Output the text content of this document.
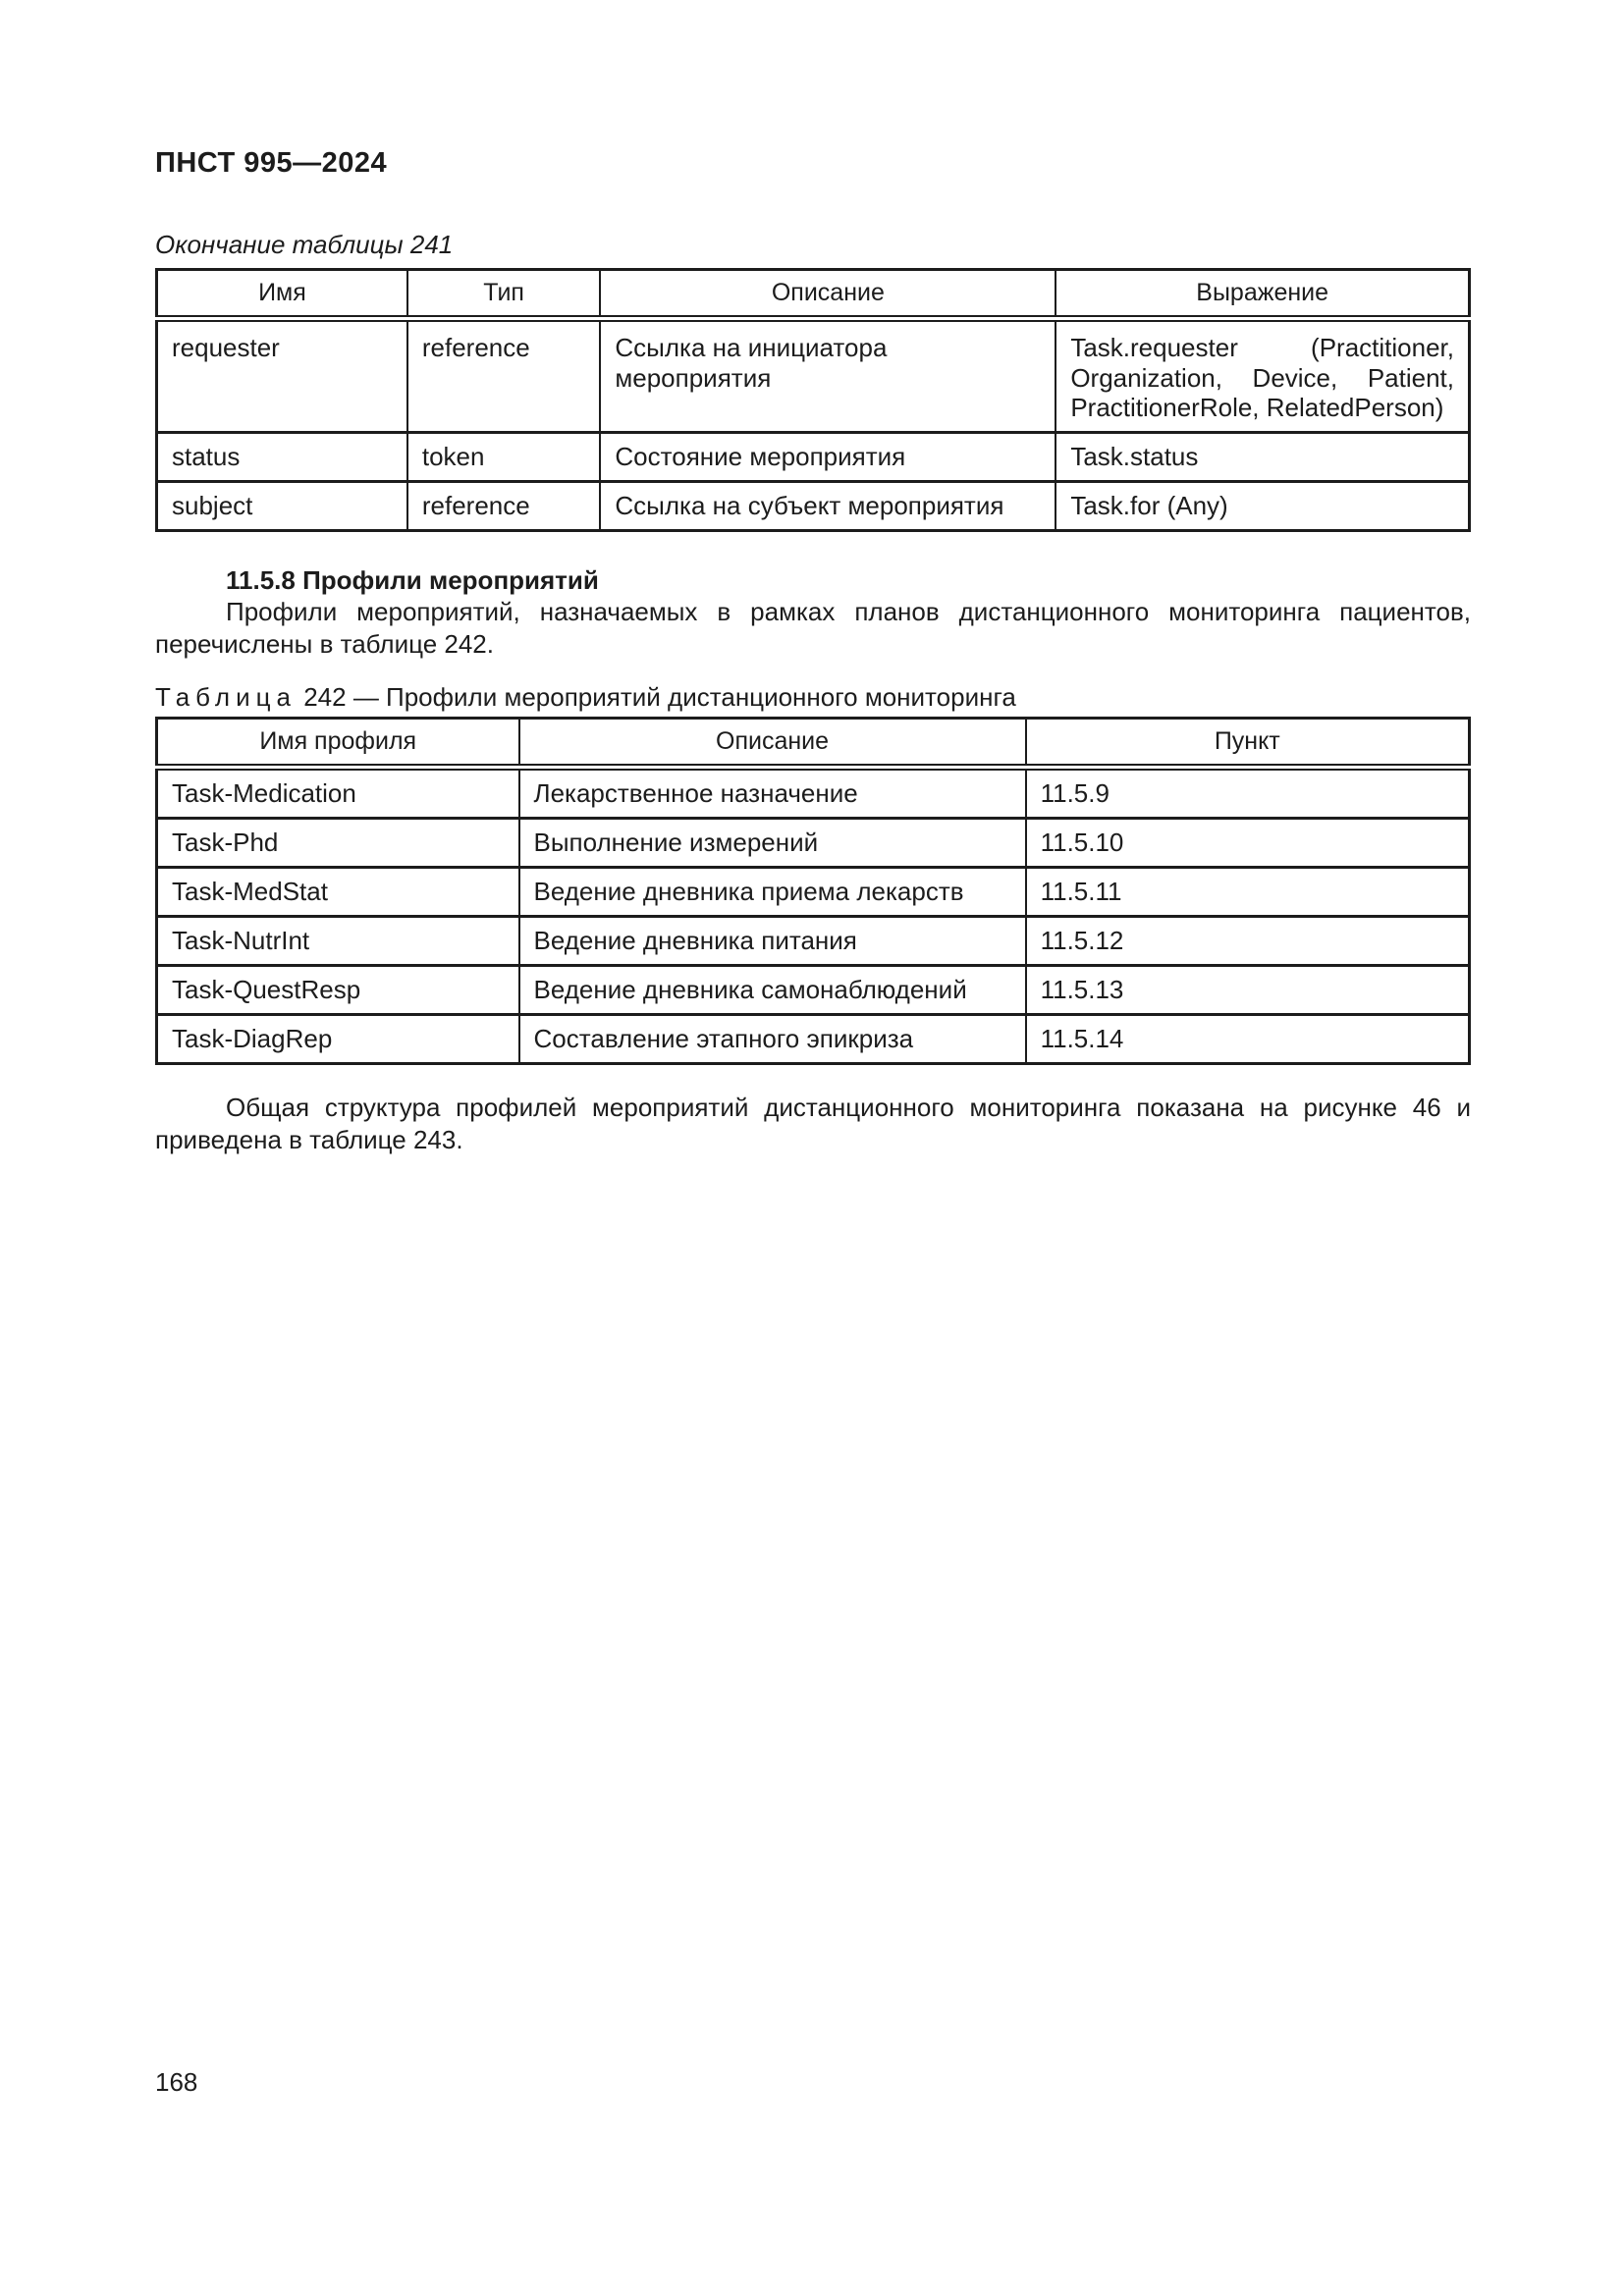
ПНСТ 995—2024
Окончание таблицы 241
Имя	Тип	Описание	Выражение
requester	reference	Ссылка на инициатора мероприятия	Task.requester (Practitioner, Organization, Device, Patient, PractitionerRole, RelatedPerson)
status	token	Состояние мероприятия	Task.status
subject	reference	Ссылка на субъект мероприятия	Task.for (Any)
11.5.8 Профили мероприятий
Профили мероприятий, назначаемых в рамках планов дистанционного мониторинга пациентов, перечислены в таблице 242.
Таблица 242 — Профили мероприятий дистанционного мониторинга
Имя профиля	Описание	Пункт
Task-Medication	Лекарственное назначение	11.5.9
Task-Phd	Выполнение измерений	11.5.10
Task-MedStat	Ведение дневника приема лекарств	11.5.11
Task-NutrInt	Ведение дневника питания	11.5.12
Task-QuestResp	Ведение дневника самонаблюдений	11.5.13
Task-DiagRep	Составление этапного эпикриза	11.5.14
Общая структура профилей мероприятий дистанционного мониторинга показана на рисунке 46 и приведена в таблице 243.
168
